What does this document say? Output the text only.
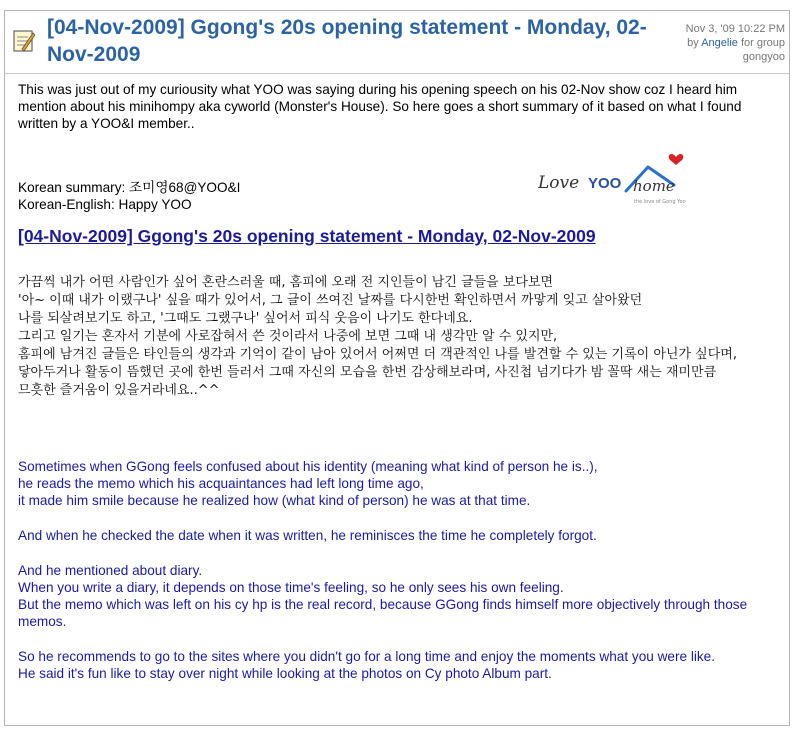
[04-Nov-2009] Ggong's 20s opening statement - Monday, 02-Nov-2009
Nov 3, '09 10:22 PM
by Angelie for group
gongyoo

This was just out of my curiousity what YOO was saying during his opening speech on his 02-Nov show coz I heard him mention about his minihompy aka cyworld (Monster's House). So here goes a short summary of it based on what I found written by a YOO&I member..

Korean summary: 조미영68@YOO&I
Korean-English: Happy YOO
Love YOO home
the love of Gong Yoo
[04-Nov-2009] Ggong's 20s opening statement - Monday, 02-Nov-2009

가끔씩 내가 어떤 사람인가 싶어 혼란스러울 때, 홈피에 오래 전 지인들이 남긴 글들을 보다보면

'아~ 이때 내가 이랬구나' 싶을 때가 있어서, 그 글이 쓰여진 날짜를 다시한번 확인하면서 까맣게 잊고 살아왔던

나를 되살려보기도 하고, '그때도 그랬구나' 싶어서 피식 웃음이 나기도 한다네요.

그리고 일기는 혼자서 기분에 사로잡혀서 쓴 것이라서 나중에 보면 그때 내 생각만 알 수 있지만,

홈피에 남겨진 글들은 타인들의 생각과 기억이 같이 남아 있어서 어쩌면 더 객관적인 나를 발견할 수 있는 기록이 아닌가 싶다며,

닿아두거나 활동이 뜸했던 곳에 한번 들러서 그때 자신의 모습을 한번 감상해보라며, 사진첩 넘기다가 밤 꼴딱 새는 재미만큼

므흣한 즐거움이 있을거라네요..^^

Sometimes when GGong feels confused about his identity (meaning what kind of person he is..),

he reads the memo which his acquaintances had left long time ago,

it made him smile because he realized how (what kind of person) he was at that time.

And when he checked the date when it was written, he reminisces the time he completely forgot.

And he mentioned about diary.

When you write a diary, it depends on those time's feeling, so he only sees his own feeling.

But the memo which was left on his cy hp is the real record, because GGong finds himself more objectively through those memos.

So he recommends to go to the sites where you didn't go for a long time and enjoy the moments what you were like.

He said it's fun like to stay over night while looking at the photos on Cy photo Album part.
